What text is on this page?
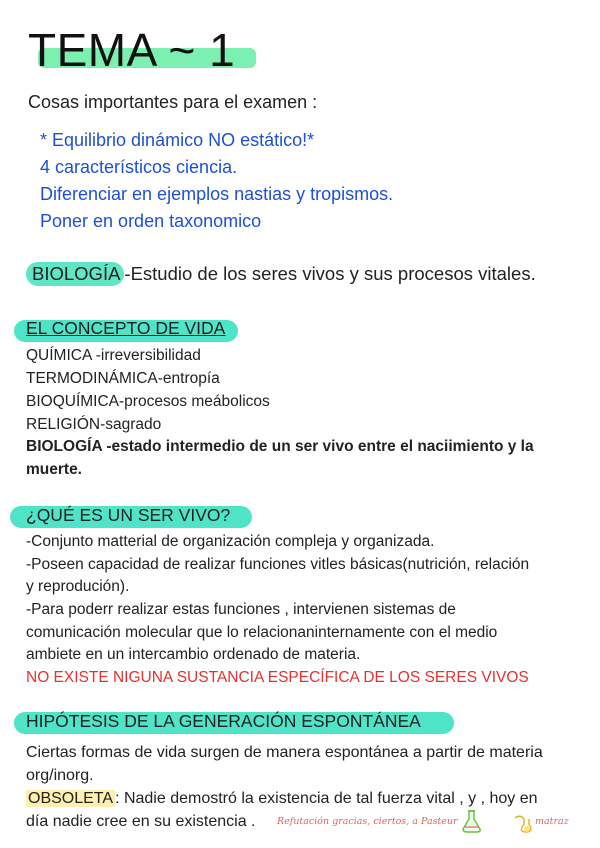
TEMA ~ 1
Cosas importantes para el examen :
* Equilibrio dinámico NO estático!*
4 característicos ciencia.
Diferenciar en ejemplos nastias y tropismos.
Poner en orden taxonomico
BIOLOGÍA -Estudio de los seres vivos y sus procesos vitales.
EL CONCEPTO DE VIDA
QUÍMICA -irreversibilidad
TERMODINÁMICA-entropía
BIOQUÍMICA-procesos meábolicos
RELIGIÓN-sagrado
BIOLOGÍA -estado intermedio de un ser vivo entre el naciimiento y la
muerte.
¿QUÉ ES UN SER VIVO?
-Conjunto matterial de organización compleja y organizada.
-Poseen capacidad de realizar funciones vitles básicas(nutrición, relación
y reprodución).
-Para poderr realizar estas funciones , intervienen sistemas de
comunicación molecular que lo relacionaninternamente con el medio
ambiete en un intercambio ordenado de materia.
NO EXISTE NIGUNA SUSTANCIA ESPECÍFICA DE LOS SERES VIVOS
HIPÓTESIS DE LA GENERACIÓN ESPONTÁNEA
Ciertas formas de vida surgen de manera espontánea a partir de materia
org/inorg.
OBSOLETA : Nadie demostró la existencia de tal fuerza vital , y , hoy en
día nadie cree en su existencia . Refutación gracias, ciertos, a Pasteur	matraz
